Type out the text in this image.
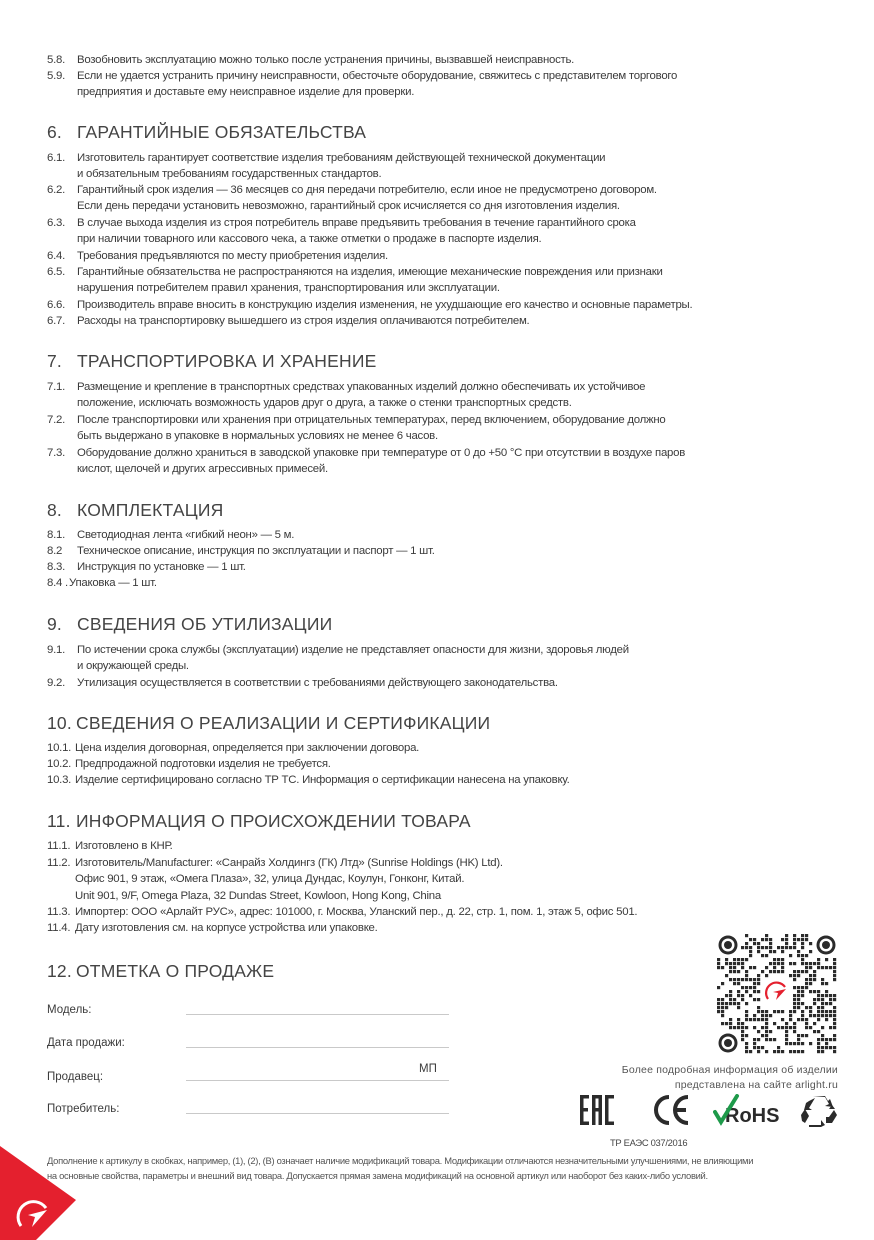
5.8. Возобновить эксплуатацию можно только после устранения причины, вызвавшей неисправность.
5.9. Если не удается устранить причину неисправности, обесточьте оборудование, свяжитесь с представителем торгового
предприятия и доставьте ему неисправное изделие для проверки.
6. ГАРАНТИЙНЫЕ ОБЯЗАТЕЛЬСТВА
6.1. Изготовитель гарантирует соответствие изделия требованиям действующей технической документации
и обязательным требованиям государственных стандартов.
6.2. Гарантийный срок изделия — 36 месяцев со дня передачи потребителю, если иное не предусмотрено договором.
Если день передачи установить невозможно, гарантийный срок исчисляется со дня изготовления изделия.
6.3. В случае выхода изделия из строя потребитель вправе предъявить требования в течение гарантийного срока
при наличии товарного или кассового чека, а также отметки о продаже в паспорте изделия.
6.4. Требования предъявляются по месту приобретения изделия.
6.5. Гарантийные обязательства не распространяются на изделия, имеющие механические повреждения или признаки
нарушения потребителем правил хранения, транспортирования или эксплуатации.
6.6. Производитель вправе вносить в конструкцию изделия изменения, не ухудшающие его качество и основные параметры.
6.7. Расходы на транспортировку вышедшего из строя изделия оплачиваются потребителем.
7. ТРАНСПОРТИРОВКА И ХРАНЕНИЕ
7.1. Размещение и крепление в транспортных средствах упакованных изделий должно обеспечивать их устойчивое
положение, исключать возможность ударов друг о друга, а также о стенки транспортных средств.
7.2. После транспортировки или хранения при отрицательных температурах, перед включением, оборудование должно
быть выдержано в упаковке в нормальных условиях не менее 6 часов.
7.3. Оборудование должно храниться в заводской упаковке при температуре от 0 до +50 °С при отсутствии в воздухе паров
кислот, щелочей и других агрессивных примесей.
8. КОМПЛЕКТАЦИЯ
8.1. Светодиодная лента «гибкий неон» — 5 м.
8.2 Техническое описание, инструкция по эксплуатации и паспорт — 1 шт.
8.3. Инструкция по установке — 1 шт.
8.4 . Упаковка — 1 шт.
9. СВЕДЕНИЯ ОБ УТИЛИЗАЦИИ
9.1. По истечении срока службы (эксплуатации) изделие не представляет опасности для жизни, здоровья людей
и окружающей среды.
9.2. Утилизация осуществляется в соответствии с требованиями действующего законодательства.
10. СВЕДЕНИЯ О РЕАЛИЗАЦИИ И СЕРТИФИКАЦИИ
10.1. Цена изделия договорная, определяется при заключении договора.
10.2. Предпродажной подготовки изделия не требуется.
10.3. Изделие сертифицировано согласно ТР ТС. Информация о сертификации нанесена на упаковку.
11. ИНФОРМАЦИЯ О ПРОИСХОЖДЕНИИ ТОВАРА
11.1. Изготовлено в КНР.
11.2. Изготовитель/Manufacturer: «Санрайз Холдингз (ГК) Лтд» (Sunrise Holdings (HK) Ltd).
Офис 901, 9 этаж, «Омега Плаза», 32, улица Дундас, Коулун, Гонконг, Китай.
Unit 901, 9/F, Omega Plaza, 32 Dundas Street, Kowloon, Hong Kong, China
11.3. Импортер: ООО «Арлайт РУС», адрес: 101000, г. Москва, Уланский пер., д. 22, стр. 1, пом. 1, этаж 5, офис 501.
11.4. Дату изготовления см. на корпусе устройства или упаковке.
12. ОТМЕТКА О ПРОДАЖЕ
Модель:
Дата продажи:
Продавец:
МП
Потребитель:
Более подробная информация об изделии
представлена на сайте arlight.ru
RoHS
ТР ЕАЭС 037/2016
Дополнение к артикулу в скобках, например, (1), (2), (B) означает наличие модификаций товара. Модификации отличаются незначительными улучшениями, не влияющими
на основные свойства, параметры и внешний вид товара. Допускается прямая замена модификаций на основной артикул или наоборот без каких-либо условий.
